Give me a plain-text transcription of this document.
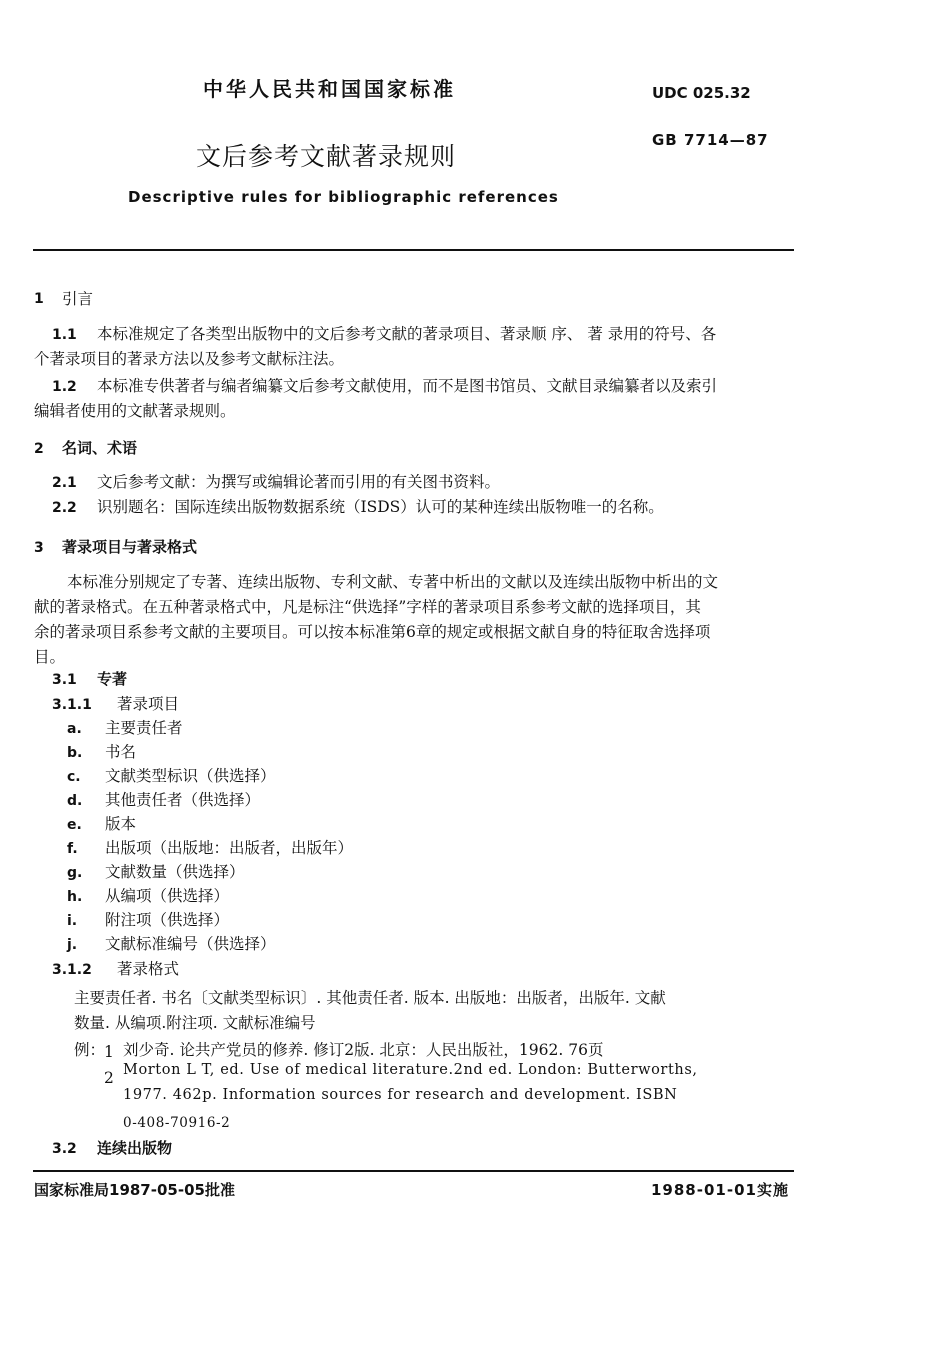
中华人民共和国国家标准	UDC 025.32
GB 7714—87
文后参考文献著录规则
Descriptive rules for bibliographic references
1 引言
1.1 本标准规定了各类型出版物中的文后参考文献的著录项目、著录顺 序、 著 录用的符号、各
个著录项目的著录方法以及参考文献标注法。
1.2 本标准专供著者与编者编纂文后参考文献使用，而不是图书馆员、文献目录编纂者以及索引
编辑者使用的文献著录规则。
2 名词、术语
2.1 文后参考文献：为撰写或编辑论著而引用的有关图书资料。
2.2 识别题名：国际连续出版物数据系统（ISDS）认可的某种连续出版物唯一的名称。
3 著录项目与著录格式
本标准分别规定了专著、连续出版物、专利文献、专著中析出的文献以及连续出版物中析出的文
献的著录格式。在五种著录格式中，凡是标注“供选择”字样的著录项目系参考文献的选择项目，其
余的著录项目系参考文献的主要项目。可以按本标准第6章的规定或根据文献自身的特征取舍选择项
目。
3.1 专著
3.1.1 著录项目
a. 主要责任者
b. 书名
c. 文献类型标识（供选择）
d. 其他责任者（供选择）
e. 版本
f. 出版项（出版地：出版者，出版年）
g. 文献数量（供选择）
h. 从编项（供选择）
i. 附注项（供选择）
j. 文献标准编号（供选择）
3.1.2 著录格式
主要责任者. 书名〔文献类型标识〕. 其他责任者. 版本. 出版地：出版者，出版年. 文献
数量. 从编项.附注项. 文献标准编号
例：
1 刘少奇. 论共产党员的修养. 修订2版. 北京：人民出版社，1962. 76页
2 Morton L T, ed. Use of medical literature.2nd ed. London: Butterworths,
1977. 462p. Information sources for research and development. ISBN
0-408-70916-2
3.2 连续出版物
国家标准局1987-05-05批准	1988-01-01实施
